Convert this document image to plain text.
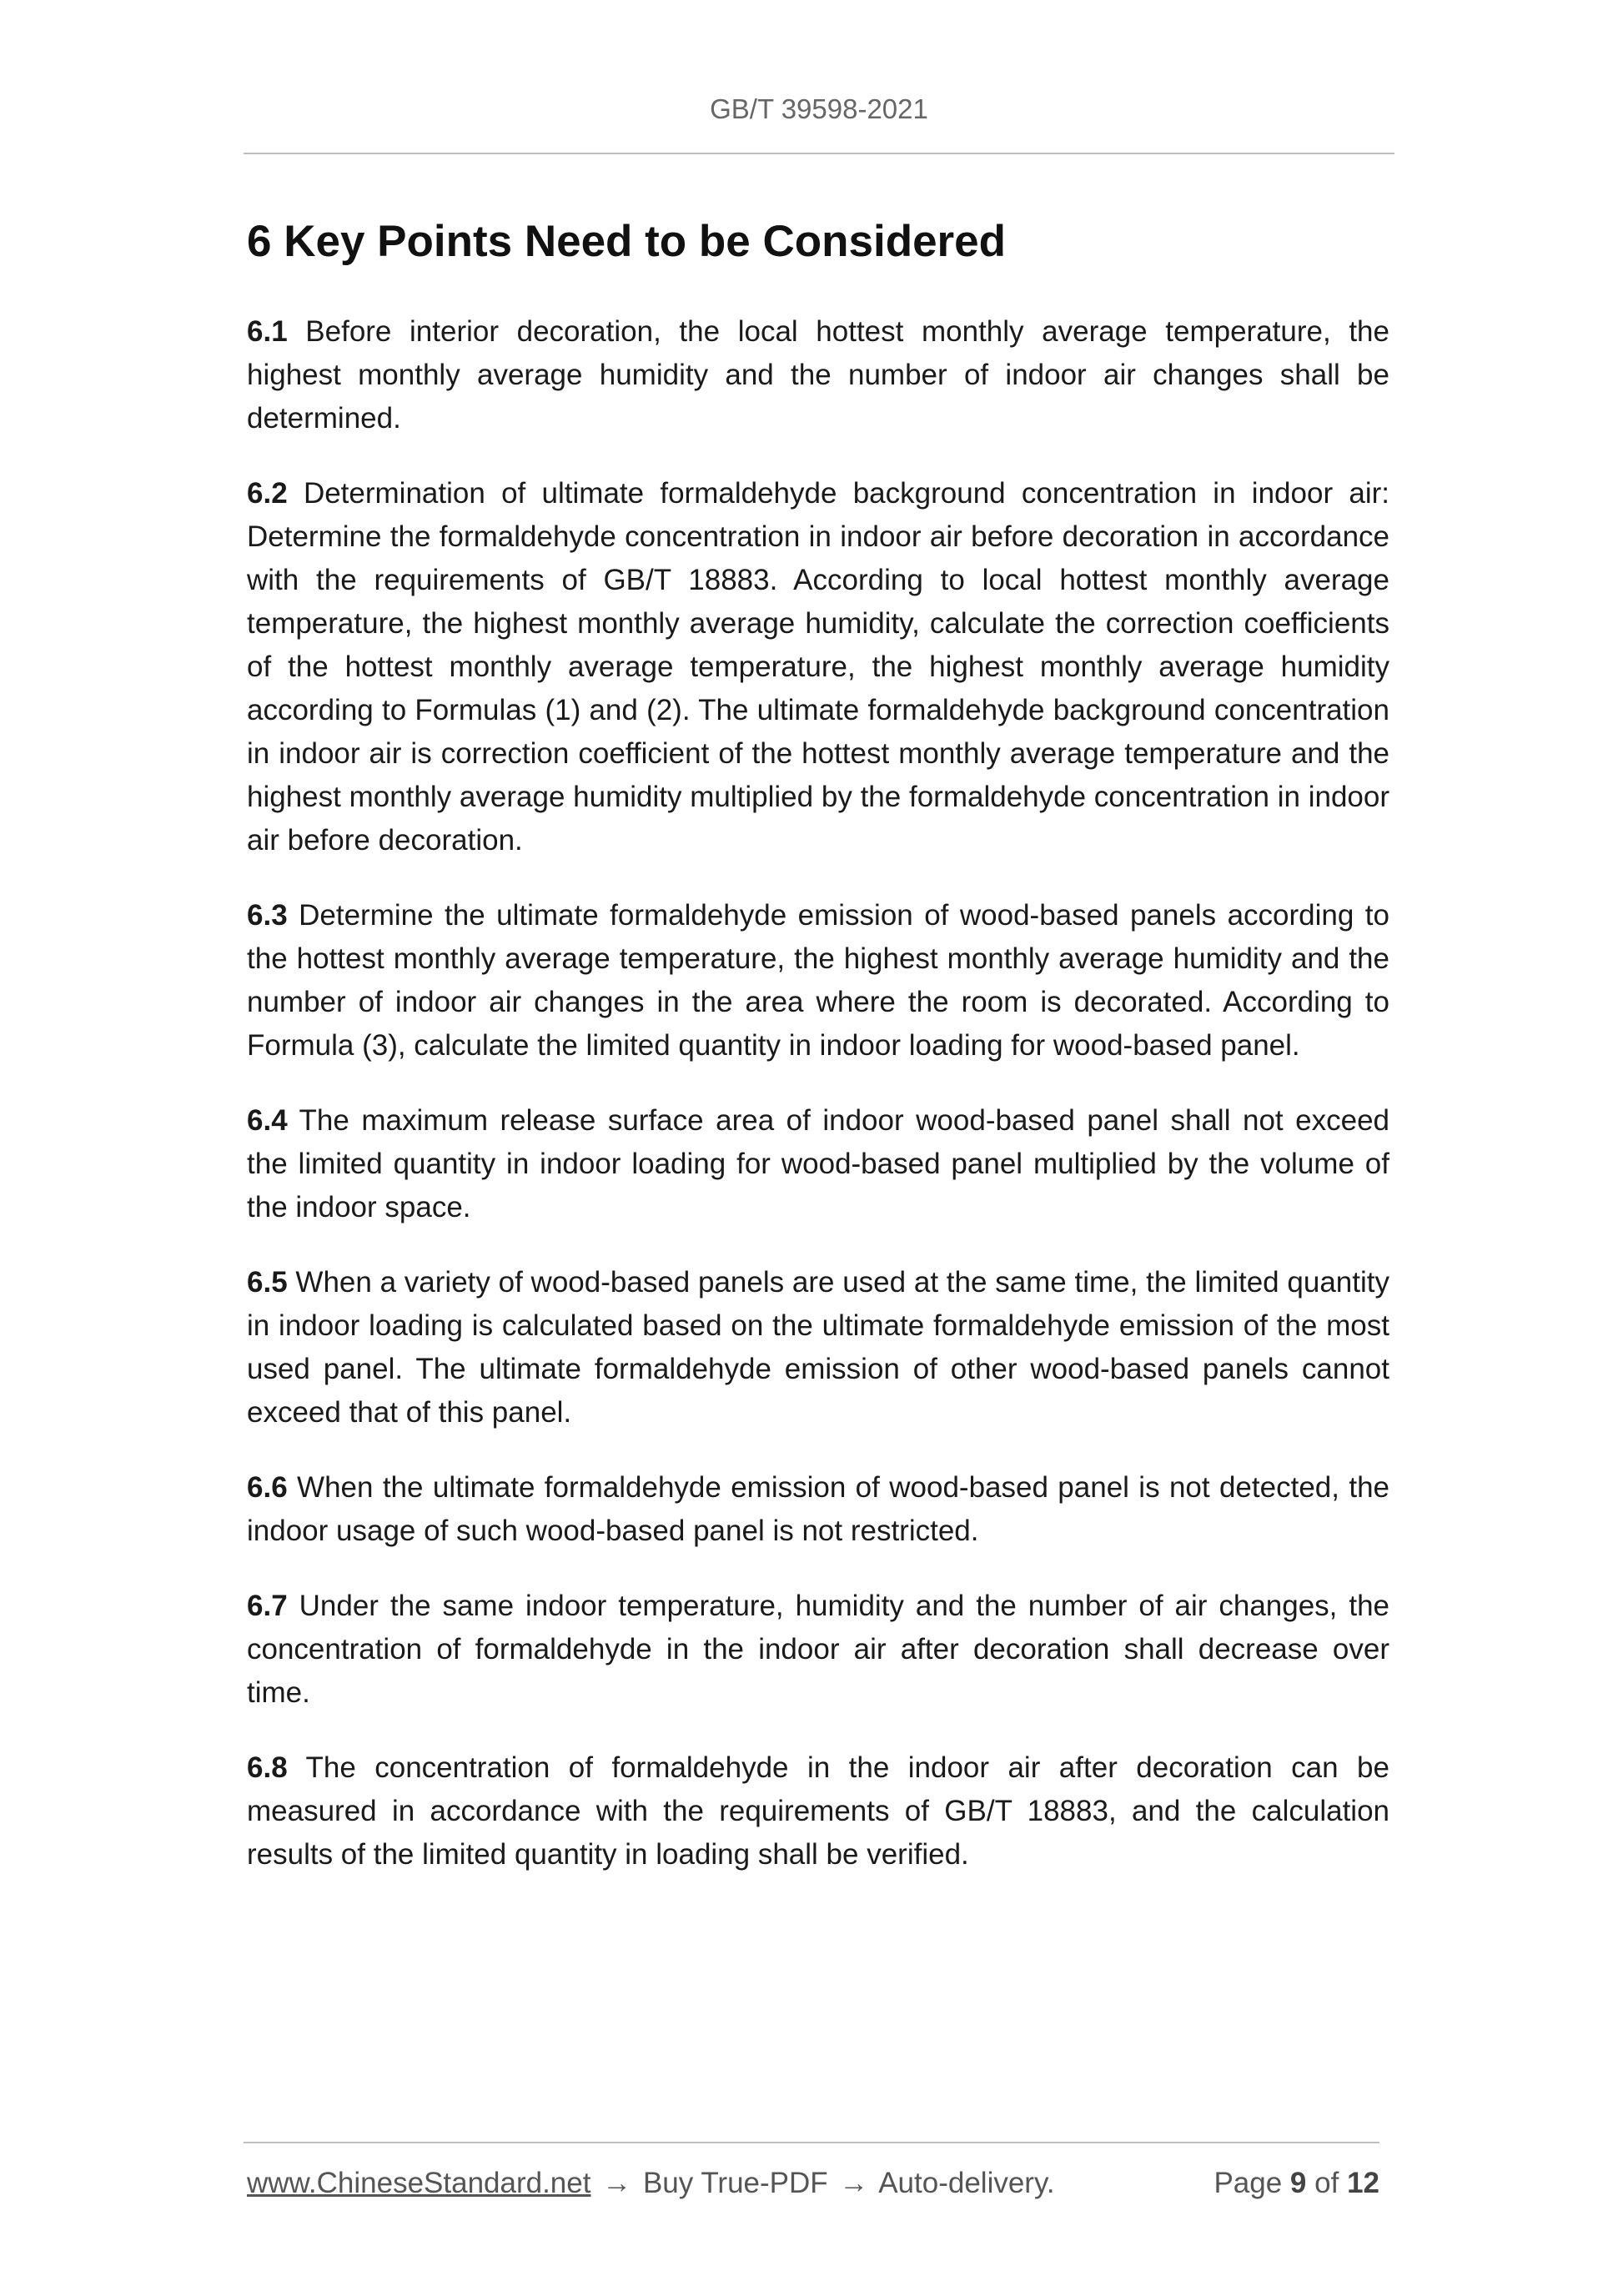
GB/T 39598-2021
6 Key Points Need to be Considered

6.1 Before interior decoration, the local hottest monthly average temperature, the highest monthly average humidity and the number of indoor air changes shall be determined.

6.2 Determination of ultimate formaldehyde background concentration in indoor air: Determine the formaldehyde concentration in indoor air before decoration in accordance with the requirements of GB/T 18883. According to local hottest monthly average temperature, the highest monthly average humidity, calculate the correction coefficients of the hottest monthly average temperature, the highest monthly average humidity according to Formulas (1) and (2). The ultimate formaldehyde background concentration in indoor air is correction coefficient of the hottest monthly average temperature and the highest monthly average humidity multiplied by the formaldehyde concentration in indoor air before decoration.

6.3 Determine the ultimate formaldehyde emission of wood-based panels according to the hottest monthly average temperature, the highest monthly average humidity and the number of indoor air changes in the area where the room is decorated. According to Formula (3), calculate the limited quantity in indoor loading for wood-based panel.

6.4 The maximum release surface area of indoor wood-based panel shall not exceed the limited quantity in indoor loading for wood-based panel multiplied by the volume of the indoor space.

6.5 When a variety of wood-based panels are used at the same time, the limited quantity in indoor loading is calculated based on the ultimate formaldehyde emission of the most used panel. The ultimate formaldehyde emission of other wood-based panels cannot exceed that of this panel.

6.6 When the ultimate formaldehyde emission of wood-based panel is not detected, the indoor usage of such wood-based panel is not restricted.

6.7 Under the same indoor temperature, humidity and the number of air changes, the concentration of formaldehyde in the indoor air after decoration shall decrease over time.

6.8 The concentration of formaldehyde in the indoor air after decoration can be measured in accordance with the requirements of GB/T 18883, and the calculation results of the limited quantity in loading shall be verified.

www.ChineseStandard.net → Buy True-PDF → Auto-delivery.	Page 9 of 12
